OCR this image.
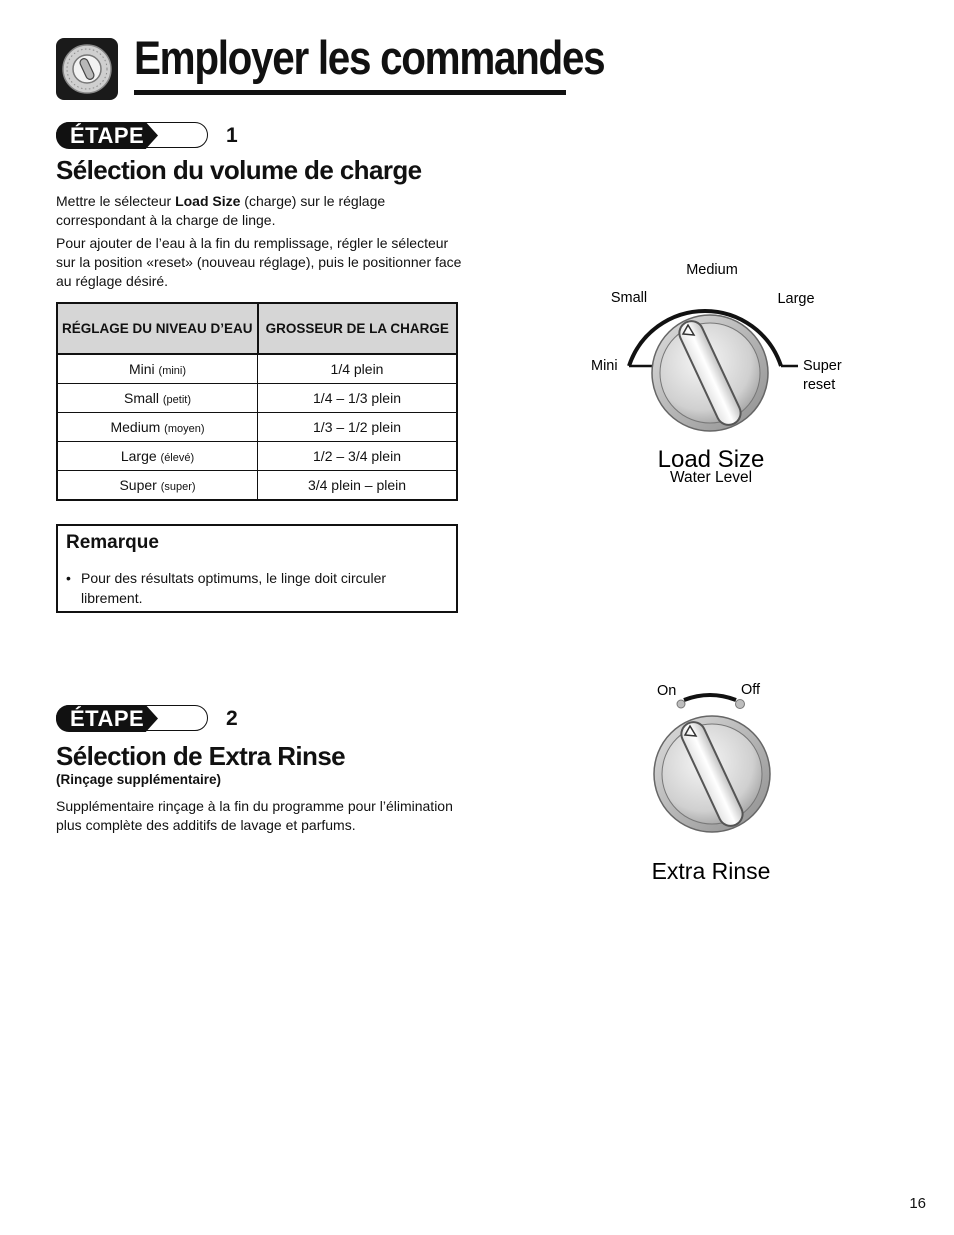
Employer les commandes
ÉTAPE	1
Sélection du volume de charge
Mettre le sélecteur Load Size (charge) sur le réglage correspondant à la charge de linge.
Pour ajouter de l’eau à la fin du remplissage, régler le sélecteur sur la position «reset» (nouveau réglage), puis le positionner face au réglage désiré.
RÉGLAGE DU NIVEAU D’EAU	GROSSEUR DE LA CHARGE
Mini (mini)	1/4 plein
Small (petit)	1/4 – 1/3 plein
Medium (moyen)	1/3 – 1/2 plein
Large (élevé)	1/2 – 3/4 plein
Super (super)	3/4 plein – plein
Remarque
• Pour des résultats optimums, le linge doit circuler librement.
Medium
Small	Large
Mini	Super
reset
Load Size
Water Level
ÉTAPE	2
Sélection de Extra Rinse
(Rinçage supplémentaire)
Supplémentaire rinçage à la fin du programme pour l’élimination plus complète des additifs de lavage et parfums.
On	Off
Extra Rinse
16
